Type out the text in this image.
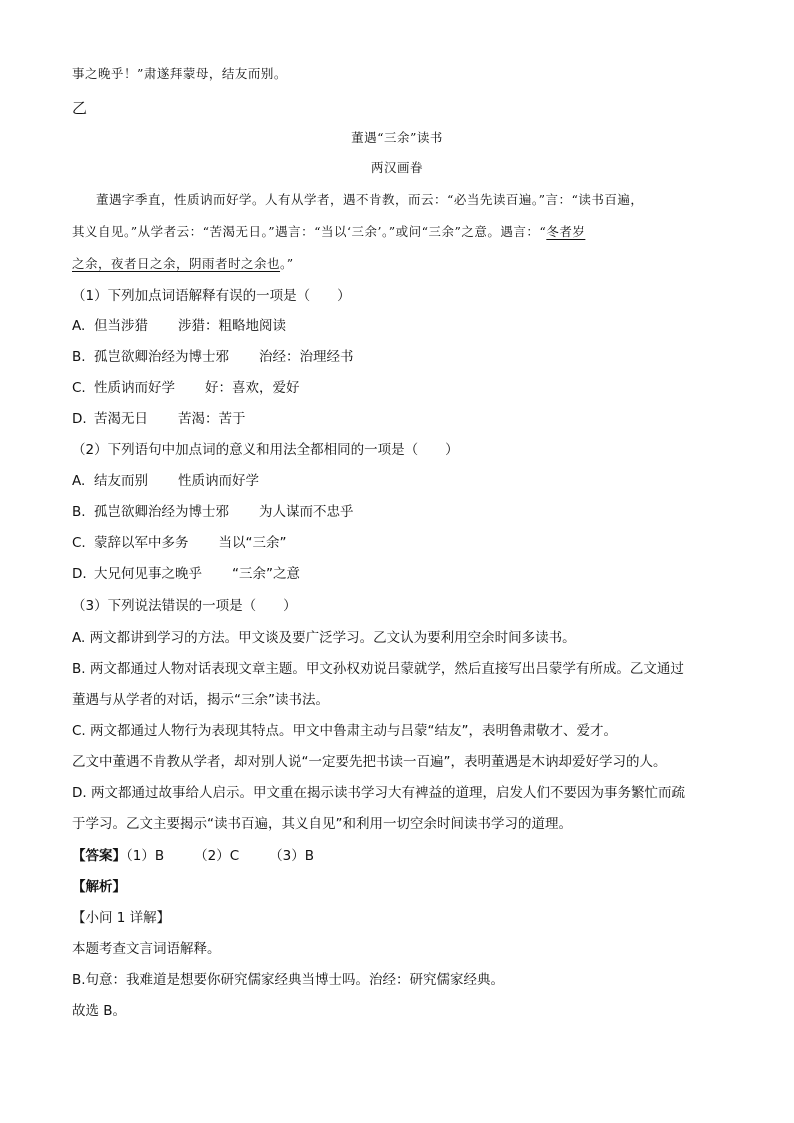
事之晚乎！”肃遂拜蒙母，结友而别。
乙
董遇“三余”读书
两汉画眷
董遇字季直，性质讷而好学。人有从学者，遇不肯教，而云：“必当先读百遍。”言：“读书百遍，
其义自见。”从学者云：“苦渴无日。”遇言：“当以‘三余’。”或问“三余”之意。遇言：“冬者岁
之余，夜者日之余，阴雨者时之余也。”
（1）下列加点词语解释有误的一项是（　　）
A. 但当涉猎 涉猎：粗略地阅读
B. 孤岂欲卿治经为博士邪 治经：治理经书
C. 性质讷而好学 好：喜欢，爱好
D. 苦渴无日 苦渴：苦于
（2）下列语句中加点词的意义和用法全都相同的一项是（　　）
A. 结友而别 性质讷而好学
B. 孤岂欲卿治经为博士邪 为人谋而不忠乎
C. 蒙辞以军中多务 当以“三余”
D. 大兄何见事之晚乎 “三余”之意
（3）下列说法错误的一项是（　　）
A. 两文都讲到学习的方法。甲文谈及要广泛学习。乙文认为要利用空余时间多读书。
B. 两文都通过人物对话表现文章主题。甲文孙权劝说吕蒙就学，然后直接写出吕蒙学有所成。乙文通过
董遇与从学者的对话，揭示“三余”读书法。
C. 两文都通过人物行为表现其特点。甲文中鲁肃主动与吕蒙“结友”，表明鲁肃敬才、爱才。
乙文中董遇不肯教从学者，却对别人说“一定要先把书读一百遍”，表明董遇是木讷却爱好学习的人。
D. 两文都通过故事给人启示。甲文重在揭示读书学习大有裨益的道理，启发人们不要因为事务繁忙而疏
于学习。乙文主要揭示“读书百遍，其义自见”和利用一切空余时间读书学习的道理。
【答案】（1）B （2）C （3）B
【解析】
【小问 1 详解】
本题考查文言词语解释。
B.句意：我难道是想要你研究儒家经典当博士吗。治经：研究儒家经典。
故选 B。
